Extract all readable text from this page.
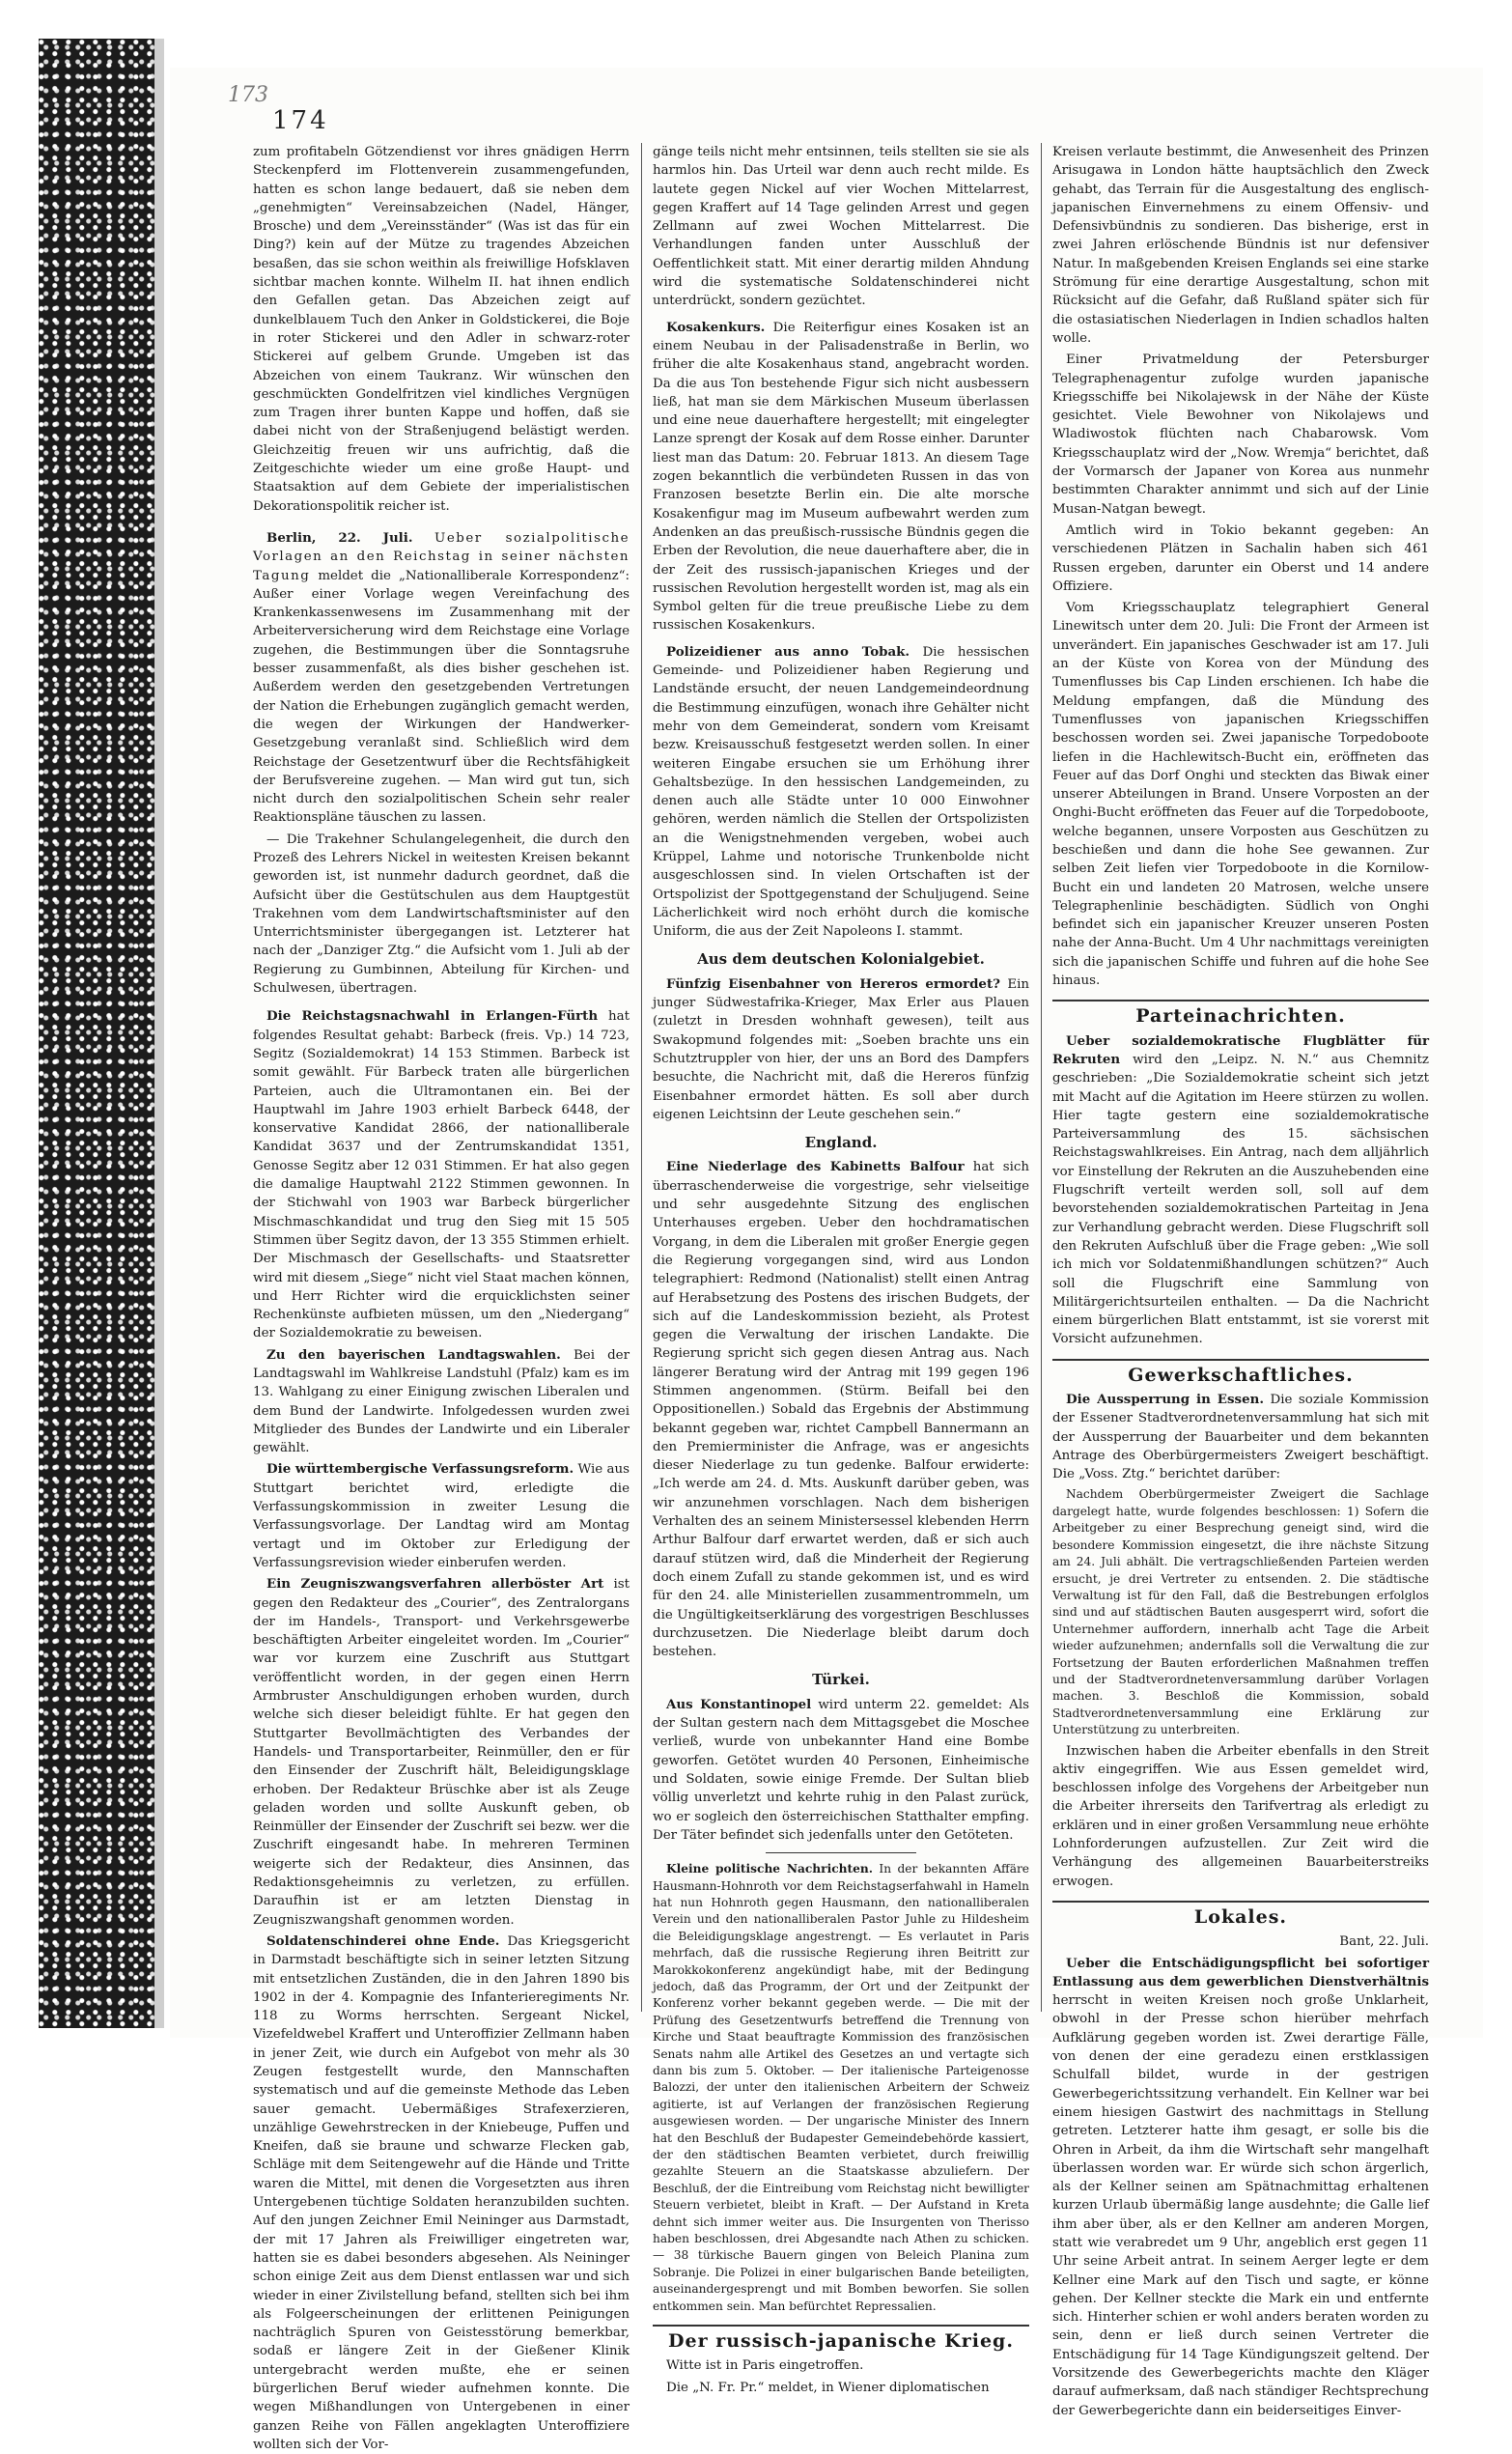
173
174

zum profitabeln Götzendienst vor ihres gnädigen Herrn Steckenpferd im Flottenverein zusammengefunden, hatten es schon lange bedauert, daß sie neben dem „genehmigten“ Vereinsabzeichen (Nadel, Hänger, Brosche) und dem „Vereinsständer“ (Was ist das für ein Ding?) kein auf der Mütze zu tragendes Abzeichen besaßen, das sie schon weithin als freiwillige Hofsklaven sichtbar machen konnte. Wilhelm II. hat ihnen endlich den Gefallen getan. Das Abzeichen zeigt auf dunkelblauem Tuch den Anker in Goldstickerei, die Boje in roter Stickerei und den Adler in schwarz-roter Stickerei auf gelbem Grunde. Umgeben ist das Abzeichen von einem Taukranz. Wir wünschen den geschmückten Gondelfritzen viel kindliches Vergnügen zum Tragen ihrer bunten Kappe und hoffen, daß sie dabei nicht von der Straßenjugend belästigt werden. Gleichzeitig freuen wir uns aufrichtig, daß die Zeitgeschichte wieder um eine große Haupt- und Staatsaktion auf dem Gebiete der imperialistischen Dekorationspolitik reicher ist.

Berlin, 22. Juli. Ueber sozialpolitische Vorlagen an den Reichstag in seiner nächsten Tagung meldet die „Nationalliberale Korrespondenz“: Außer einer Vorlage wegen Vereinfachung des Krankenkassenwesens im Zusammenhang mit der Arbeiterversicherung wird dem Reichstage eine Vorlage zugehen, die Bestimmungen über die Sonntagsruhe besser zusammenfaßt, als dies bisher geschehen ist. Außerdem werden den gesetzgebenden Vertretungen der Nation die Erhebungen zugänglich gemacht werden, die wegen der Wirkungen der Handwerker-Gesetzgebung veranlaßt sind. Schließlich wird dem Reichstage der Gesetzentwurf über die Rechtsfähigkeit der Berufsvereine zugehen. — Man wird gut tun, sich nicht durch den sozialpolitischen Schein sehr realer Reaktionspläne täuschen zu lassen.

— Die Trakehner Schulangelegenheit, die durch den Prozeß des Lehrers Nickel in weitesten Kreisen bekannt geworden ist, ist nunmehr dadurch geordnet, daß die Aufsicht über die Gestütschulen aus dem Hauptgestüt Trakehnen vom dem Landwirtschaftsminister auf den Unterrichtsminister übergegangen ist. Letzterer hat nach der „Danziger Ztg.“ die Aufsicht vom 1. Juli ab der Regierung zu Gumbinnen, Abteilung für Kirchen- und Schulwesen, übertragen.

Die Reichstagsnachwahl in Erlangen-Fürth hat folgendes Resultat gehabt: Barbeck (freis. Vp.) 14 723, Segitz (Sozialdemokrat) 14 153 Stimmen. Barbeck ist somit gewählt. Für Barbeck traten alle bürgerlichen Parteien, auch die Ultramontanen ein. Bei der Hauptwahl im Jahre 1903 erhielt Barbeck 6448, der konservative Kandidat 2866, der nationalliberale Kandidat 3637 und der Zentrumskandidat 1351, Genosse Segitz aber 12 031 Stimmen. Er hat also gegen die damalige Hauptwahl 2122 Stimmen gewonnen. In der Stichwahl von 1903 war Barbeck bürgerlicher Mischmaschkandidat und trug den Sieg mit 15 505 Stimmen über Segitz davon, der 13 355 Stimmen erhielt. Der Mischmasch der Gesellschafts- und Staatsretter wird mit diesem „Siege“ nicht viel Staat machen können, und Herr Richter wird die erquicklichsten seiner Rechenkünste aufbieten müssen, um den „Niedergang“ der Sozialdemokratie zu beweisen.

Zu den bayerischen Landtagswahlen. Bei der Landtagswahl im Wahlkreise Landstuhl (Pfalz) kam es im 13. Wahlgang zu einer Einigung zwischen Liberalen und dem Bund der Landwirte. Infolgedessen wurden zwei Mitglieder des Bundes der Landwirte und ein Liberaler gewählt.

Die württembergische Verfassungsreform. Wie aus Stuttgart berichtet wird, erledigte die Verfassungskommission in zweiter Lesung die Verfassungsvorlage. Der Landtag wird am Montag vertagt und im Oktober zur Erledigung der Verfassungsrevision wieder einberufen werden.

Ein Zeugniszwangsverfahren allerböster Art ist gegen den Redakteur des „Courier“, des Zentralorgans der im Handels-, Transport- und Verkehrsgewerbe beschäftigten Arbeiter eingeleitet worden. Im „Courier“ war vor kurzem eine Zuschrift aus Stuttgart veröffentlicht worden, in der gegen einen Herrn Armbruster Anschuldigungen erhoben wurden, durch welche sich dieser beleidigt fühlte. Er hat gegen den Stuttgarter Bevollmächtigten des Verbandes der Handels- und Transportarbeiter, Reinmüller, den er für den Einsender der Zuschrift hält, Beleidigungsklage erhoben. Der Redakteur Brüschke aber ist als Zeuge geladen worden und sollte Auskunft geben, ob Reinmüller der Einsender der Zuschrift sei bezw. wer die Zuschrift eingesandt habe. In mehreren Terminen weigerte sich der Redakteur, dies Ansinnen, das Redaktionsgeheimnis zu verletzen, zu erfüllen. Daraufhin ist er am letzten Dienstag in Zeugniszwangshaft genommen worden.

Soldatenschinderei ohne Ende. Das Kriegsgericht in Darmstadt beschäftigte sich in seiner letzten Sitzung mit entsetzlichen Zuständen, die in den Jahren 1890 bis 1902 in der 4. Kompagnie des Infanterieregiments Nr. 118 zu Worms herrschten. Sergeant Nickel, Vizefeldwebel Kraffert und Unteroffizier Zellmann haben in jener Zeit, wie durch ein Aufgebot von mehr als 30 Zeugen festgestellt wurde, den Mannschaften systematisch und auf die gemeinste Methode das Leben sauer gemacht. Uebermäßiges Strafexerzieren, unzählige Gewehrstrecken in der Kniebeuge, Puffen und Kneifen, daß sie braune und schwarze Flecken gab, Schläge mit dem Seitengewehr auf die Hände und Tritte waren die Mittel, mit denen die Vorgesetzten aus ihren Untergebenen tüchtige Soldaten heranzubilden suchten. Auf den jungen Zeichner Emil Neininger aus Darmstadt, der mit 17 Jahren als Freiwilliger eingetreten war, hatten sie es dabei besonders abgesehen. Als Neininger schon einige Zeit aus dem Dienst entlassen war und sich wieder in einer Zivilstellung befand, stellten sich bei ihm als Folgeerscheinungen der erlittenen Peinigungen nachträglich Spuren von Geistesstörung bemerkbar, sodaß er längere Zeit in der Gießener Klinik untergebracht werden mußte, ehe er seinen bürgerlichen Beruf wieder aufnehmen konnte. Die wegen Mißhandlungen von Untergebenen in einer ganzen Reihe von Fällen angeklagten Unteroffiziere wollten sich der Vor-

gänge teils nicht mehr entsinnen, teils stellten sie sie als harmlos hin. Das Urteil war denn auch recht milde. Es lautete gegen Nickel auf vier Wochen Mittelarrest, gegen Kraffert auf 14 Tage gelinden Arrest und gegen Zellmann auf zwei Wochen Mittelarrest. Die Verhandlungen fanden unter Ausschluß der Oeffentlichkeit statt. Mit einer derartig milden Ahndung wird die systematische Soldatenschinderei nicht unterdrückt, sondern gezüchtet.

Kosakenkurs. Die Reiterfigur eines Kosaken ist an einem Neubau in der Palisadenstraße in Berlin, wo früher die alte Kosakenhaus stand, angebracht worden. Da die aus Ton bestehende Figur sich nicht ausbessern ließ, hat man sie dem Märkischen Museum überlassen und eine neue dauerhaftere hergestellt; mit eingelegter Lanze sprengt der Kosak auf dem Rosse einher. Darunter liest man das Datum: 20. Februar 1813. An diesem Tage zogen bekanntlich die verbündeten Russen in das von Franzosen besetzte Berlin ein. Die alte morsche Kosakenfigur mag im Museum aufbewahrt werden zum Andenken an das preußisch-russische Bündnis gegen die Erben der Revolution, die neue dauerhaftere aber, die in der Zeit des russisch-japanischen Krieges und der russischen Revolution hergestellt worden ist, mag als ein Symbol gelten für die treue preußische Liebe zu dem russischen Kosakenkurs.

Polizeidiener aus anno Tobak. Die hessischen Gemeinde- und Polizeidiener haben Regierung und Landstände ersucht, der neuen Landgemeindeordnung die Bestimmung einzufügen, wonach ihre Gehälter nicht mehr von dem Gemeinderat, sondern vom Kreisamt bezw. Kreisausschuß festgesetzt werden sollen. In einer weiteren Eingabe ersuchen sie um Erhöhung ihrer Gehaltsbezüge. In den hessischen Landgemeinden, zu denen auch alle Städte unter 10 000 Einwohner gehören, werden nämlich die Stellen der Ortspolizisten an die Wenigstnehmenden vergeben, wobei auch Krüppel, Lahme und notorische Trunkenbolde nicht ausgeschlossen sind. In vielen Ortschaften ist der Ortspolizist der Spottgegenstand der Schuljugend. Seine Lächerlichkeit wird noch erhöht durch die komische Uniform, die aus der Zeit Napoleons I. stammt.

Aus dem deutschen Kolonialgebiet.

Fünfzig Eisenbahner von Hereros ermordet? Ein junger Südwestafrika-Krieger, Max Erler aus Plauen (zuletzt in Dresden wohnhaft gewesen), teilt aus Swakopmund folgendes mit: „Soeben brachte uns ein Schutztruppler von hier, der uns an Bord des Dampfers besuchte, die Nachricht mit, daß die Hereros fünfzig Eisenbahner ermordet hätten. Es soll aber durch eigenen Leichtsinn der Leute geschehen sein.“

England.

Eine Niederlage des Kabinetts Balfour hat sich überraschenderweise die vorgestrige, sehr vielseitige und sehr ausgedehnte Sitzung des englischen Unterhauses ergeben. Ueber den hochdramatischen Vorgang, in dem die Liberalen mit großer Energie gegen die Regierung vorgegangen sind, wird aus London telegraphiert: Redmond (Nationalist) stellt einen Antrag auf Herabsetzung des Postens des irischen Budgets, der sich auf die Landeskommission bezieht, als Protest gegen die Verwaltung der irischen Landakte. Die Regierung spricht sich gegen diesen Antrag aus. Nach längerer Beratung wird der Antrag mit 199 gegen 196 Stimmen angenommen. (Stürm. Beifall bei den Oppositionellen.) Sobald das Ergebnis der Abstimmung bekannt gegeben war, richtet Campbell Bannermann an den Premierminister die Anfrage, was er angesichts dieser Niederlage zu tun gedenke. Balfour erwiderte: „Ich werde am 24. d. Mts. Auskunft darüber geben, was wir anzunehmen vorschlagen. Nach dem bisherigen Verhalten des an seinem Ministersessel klebenden Herrn Arthur Balfour darf erwartet werden, daß er sich auch darauf stützen wird, daß die Minderheit der Regierung doch einem Zufall zu stande gekommen ist, und es wird für den 24. alle Ministeriellen zusammentrommeln, um die Ungültigkeitserklärung des vorgestrigen Beschlusses durchzusetzen. Die Niederlage bleibt darum doch bestehen.

Türkei.

Aus Konstantinopel wird unterm 22. gemeldet: Als der Sultan gestern nach dem Mittagsgebet die Moschee verließ, wurde von unbekannter Hand eine Bombe geworfen. Getötet wurden 40 Personen, Einheimische und Soldaten, sowie einige Fremde. Der Sultan blieb völlig unverletzt und kehrte ruhig in den Palast zurück, wo er sogleich den österreichischen Statthalter empfing. Der Täter befindet sich jedenfalls unter den Getöteten.

Kleine politische Nachrichten. In der bekannten Affäre Hausmann-Hohnroth vor dem Reichstagserfahwahl in Hameln hat nun Hohnroth gegen Hausmann, den nationalliberalen Verein und den nationalliberalen Pastor Juhle zu Hildesheim die Beleidigungsklage angestrengt. — Es verlautet in Paris mehrfach, daß die russische Regierung ihren Beitritt zur Marokkokonferenz angekündigt habe, mit der Bedingung jedoch, daß das Programm, der Ort und der Zeitpunkt der Konferenz vorher bekannt gegeben werde. — Die mit der Prüfung des Gesetzentwurfs betreffend die Trennung von Kirche und Staat beauftragte Kommission des französischen Senats nahm alle Artikel des Gesetzes an und vertagte sich dann bis zum 5. Oktober. — Der italienische Parteigenosse Balozzi, der unter den italienischen Arbeitern der Schweiz agitierte, ist auf Verlangen der französischen Regierung ausgewiesen worden. — Der ungarische Minister des Innern hat den Beschluß der Budapester Gemeindebehörde kassiert, der den städtischen Beamten verbietet, durch freiwillig gezahlte Steuern an die Staatskasse abzuliefern. Der Beschluß, der die Eintreibung vom Reichstag nicht bewilligter Steuern verbietet, bleibt in Kraft. — Der Aufstand in Kreta dehnt sich immer weiter aus. Die Insurgenten von Therisso haben beschlossen, drei Abgesandte nach Athen zu schicken. — 38 türkische Bauern gingen von Beleich Planina zum Sobranje. Die Polizei in einer bulgarischen Bande beteiligten, auseinandergesprengt und mit Bomben beworfen. Sie sollen entkommen sein. Man befürchtet Repressalien.

Der russisch-japanische Krieg.

Witte ist in Paris eingetroffen.

Die „N. Fr. Pr.“ meldet, in Wiener diplomatischen

Kreisen verlaute bestimmt, die Anwesenheit des Prinzen Arisugawa in London hätte hauptsächlich den Zweck gehabt, das Terrain für die Ausgestaltung des englisch-japanischen Einvernehmens zu einem Offensiv- und Defensivbündnis zu sondieren. Das bisherige, erst in zwei Jahren erlöschende Bündnis ist nur defensiver Natur. In maßgebenden Kreisen Englands sei eine starke Strömung für eine derartige Ausgestaltung, schon mit Rücksicht auf die Gefahr, daß Rußland später sich für die ostasiatischen Niederlagen in Indien schadlos halten wolle.

Einer Privatmeldung der Petersburger Telegraphenagentur zufolge wurden japanische Kriegsschiffe bei Nikolajewsk in der Nähe der Küste gesichtet. Viele Bewohner von Nikolajews und Wladiwostok flüchten nach Chabarowsk. Vom Kriegsschauplatz wird der „Now. Wremja“ berichtet, daß der Vormarsch der Japaner von Korea aus nunmehr bestimmten Charakter annimmt und sich auf der Linie Musan-Natgan bewegt.

Amtlich wird in Tokio bekannt gegeben: An verschiedenen Plätzen in Sachalin haben sich 461 Russen ergeben, darunter ein Oberst und 14 andere Offiziere.

Vom Kriegsschauplatz telegraphiert General Linewitsch unter dem 20. Juli: Die Front der Armeen ist unverändert. Ein japanisches Geschwader ist am 17. Juli an der Küste von Korea von der Mündung des Tumenflusses bis Cap Linden erschienen. Ich habe die Meldung empfangen, daß die Mündung des Tumenflusses von japanischen Kriegsschiffen beschossen worden sei. Zwei japanische Torpedoboote liefen in die Hachlewitsch-Bucht ein, eröffneten das Feuer auf das Dorf Onghi und steckten das Biwak einer unserer Abteilungen in Brand. Unsere Vorposten an der Onghi-Bucht eröffneten das Feuer auf die Torpedoboote, welche begannen, unsere Vorposten aus Geschützen zu beschießen und dann die hohe See gewannen. Zur selben Zeit liefen vier Torpedoboote in die Kornilow-Bucht ein und landeten 20 Matrosen, welche unsere Telegraphenlinie beschädigten. Südlich von Onghi befindet sich ein japanischer Kreuzer unseren Posten nahe der Anna-Bucht. Um 4 Uhr nachmittags vereinigten sich die japanischen Schiffe und fuhren auf die hohe See hinaus.

Parteinachrichten.

Ueber sozialdemokratische Flugblätter für Rekruten wird den „Leipz. N. N.“ aus Chemnitz geschrieben: „Die Sozialdemokratie scheint sich jetzt mit Macht auf die Agitation im Heere stürzen zu wollen. Hier tagte gestern eine sozialdemokratische Parteiversammlung des 15. sächsischen Reichstagswahlkreises. Ein Antrag, nach dem alljährlich vor Einstellung der Rekruten an die Auszuhebenden eine Flugschrift verteilt werden soll, soll auf dem bevorstehenden sozialdemokratischen Parteitag in Jena zur Verhandlung gebracht werden. Diese Flugschrift soll den Rekruten Aufschluß über die Frage geben: „Wie soll ich mich vor Soldatenmißhandlungen schützen?“ Auch soll die Flugschrift eine Sammlung von Militärgerichtsurteilen enthalten. — Da die Nachricht einem bürgerlichen Blatt entstammt, ist sie vorerst mit Vorsicht aufzunehmen.

Gewerkschaftliches.

Die Aussperrung in Essen. Die soziale Kommission der Essener Stadtverordnetenversammlung hat sich mit der Aussperrung der Bauarbeiter und dem bekannten Antrage des Oberbürgermeisters Zweigert beschäftigt. Die „Voss. Ztg.“ berichtet darüber:

Nachdem Oberbürgermeister Zweigert die Sachlage dargelegt hatte, wurde folgendes beschlossen: 1) Sofern die Arbeitgeber zu einer Besprechung geneigt sind, wird die besondere Kommission eingesetzt, die ihre nächste Sitzung am 24. Juli abhält. Die vertragschließenden Parteien werden ersucht, je drei Vertreter zu entsenden. 2. Die städtische Verwaltung ist für den Fall, daß die Bestrebungen erfolglos sind und auf städtischen Bauten ausgesperrt wird, sofort die Unternehmer auffordern, innerhalb acht Tage die Arbeit wieder aufzunehmen; andernfalls soll die Verwaltung die zur Fortsetzung der Bauten erforderlichen Maßnahmen treffen und der Stadtverordnetenversammlung darüber Vorlagen machen. 3. Beschloß die Kommission, sobald Stadtverordnetenversammlung eine Erklärung zur Unterstützung zu unterbreiten.

Inzwischen haben die Arbeiter ebenfalls in den Streit aktiv eingegriffen. Wie aus Essen gemeldet wird, beschlossen infolge des Vorgehens der Arbeitgeber nun die Arbeiter ihrerseits den Tarifvertrag als erledigt zu erklären und in einer großen Versammlung neue erhöhte Lohnforderungen aufzustellen. Zur Zeit wird die Verhängung des allgemeinen Bauarbeiterstreiks erwogen.

Lokales.

Bant, 22. Juli.

Ueber die Entschädigungspflicht bei sofortiger Entlassung aus dem gewerblichen Dienstverhältnis herrscht in weiten Kreisen noch große Unklarheit, obwohl in der Presse schon hierüber mehrfach Aufklärung gegeben worden ist. Zwei derartige Fälle, von denen der eine geradezu einen erstklassigen Schulfall bildet, wurde in der gestrigen Gewerbegerichtssitzung verhandelt. Ein Kellner war bei einem hiesigen Gastwirt des nachmittags in Stellung getreten. Letzterer hatte ihm gesagt, er solle bis die Ohren in Arbeit, da ihm die Wirtschaft sehr mangelhaft überlassen worden war. Er würde sich schon ärgerlich, als der Kellner seinen am Spätnachmittag erhaltenen kurzen Urlaub übermäßig lange ausdehnte; die Galle lief ihm aber über, als er den Kellner am anderen Morgen, statt wie verabredet um 9 Uhr, angeblich erst gegen 11 Uhr seine Arbeit antrat. In seinem Aerger legte er dem Kellner eine Mark auf den Tisch und sagte, er könne gehen. Der Kellner steckte die Mark ein und entfernte sich. Hinterher schien er wohl anders beraten worden zu sein, denn er ließ durch seinen Vertreter die Entschädigung für 14 Tage Kündigungszeit geltend. Der Vorsitzende des Gewerbegerichts machte den Kläger darauf aufmerksam, daß nach ständiger Rechtsprechung der Gewerbegerichte dann ein beiderseitiges Einver-
